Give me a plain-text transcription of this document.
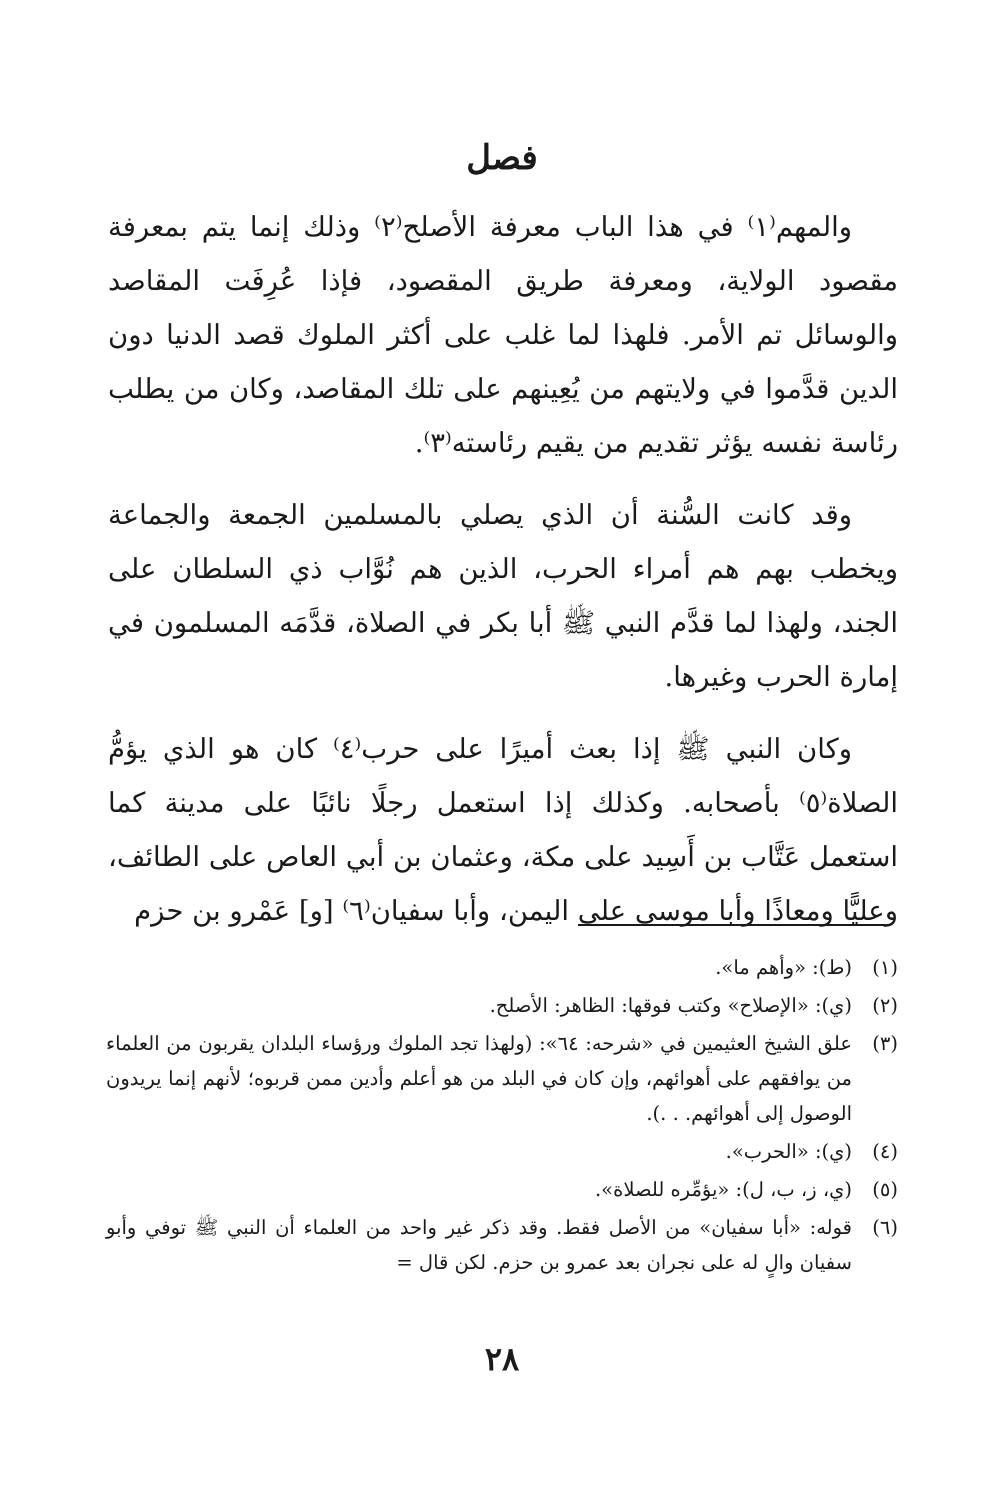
فصل

والمهم⁽١⁾ في هذا الباب معرفة الأصلح⁽٢⁾ وذلك إنما يتم بمعرفة مقصود الولاية، ومعرفة طريق المقصود، فإذا عُرِفَت المقاصد والوسائل تم الأمر. فلهذا لما غلب على أكثر الملوك قصد الدنيا دون الدين قدَّموا في ولايتهم من يُعِينهم على تلك المقاصد، وكان من يطلب رئاسة نفسه يؤثر تقديم من يقيم رئاسته⁽٣⁾.

وقد كانت السُّنة أن الذي يصلي بالمسلمين الجمعة والجماعة ويخطب بهم هم أمراء الحرب، الذين هم نُوَّاب ذي السلطان على الجند، ولهذا لما قدَّم النبي ﷺ أبا بكر في الصلاة، قدَّمَه المسلمون في إمارة الحرب وغيرها.

وكان النبي ﷺ إذا بعث أميرًا على حرب⁽٤⁾ كان هو الذي يؤمُّ الصلاة⁽٥⁾ بأصحابه. وكذلك إذا استعمل رجلًا نائبًا على مدينة كما استعمل عَتَّاب بن أَسِيد على مكة، وعثمان بن أبي العاص على الطائف، وعليًّا ومعاذًا وأبا موسى على اليمن، وأبا سفيان⁽٦⁾ [و] عَمْرو بن حزم

(١)
(ط): «وأهم ما».
(٢)
(ي): «الإصلاح» وكتب فوقها: الظاهر: الأصلح.
(٣)
علق الشيخ العثيمين في «شرحه: ٦٤»: (ولهذا تجد الملوك ورؤساء البلدان يقربون من العلماء من يوافقهم على أهوائهم، وإن كان في البلد من هو أعلم وأدين ممن قربوه؛ لأنهم إنما يريدون الوصول إلى أهوائهم. . .).
(٤)
(ي): «الحرب».
(٥)
(ي، ز، ب، ل): «يؤمِّره للصلاة».
(٦)
قوله: «أبا سفيان» من الأصل فقط. وقد ذكر غير واحد من العلماء أن النبي ﷺ توفي وأبو سفيان والٍ له على نجران بعد عمرو بن حزم. لكن قال =
٢٨
